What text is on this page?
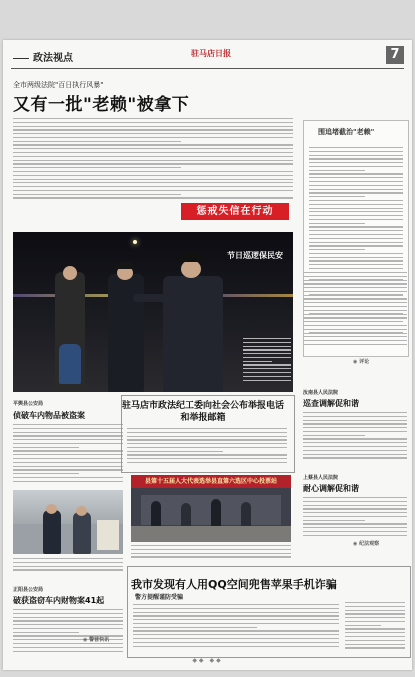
政法视点	驻马店日报	7
全市两级法院"百日执行风暴"
又有一批"老赖"被拿下
惩戒失信在行动
节日巡逻保民安
围追堵截治"老赖"
◉ 评论
平舆县公安局
侦破车内物品被盗案
驻马店市政法纪工委向社会公布举报电话和举报邮箱
县第十五届人大代表选举县直第六选区中心投票站
汝南县人民法院
巡查调解促和谐
上蔡县人民法院
耐心调解促和谐
◉ 纪法观察
正阳县公安局
破获盗窃车内财物案41起
◉ 警营快讯
我市发现有人用QQ空间兜售苹果手机诈骗
警方提醒谨防受骗
◆◆ ◆◆
